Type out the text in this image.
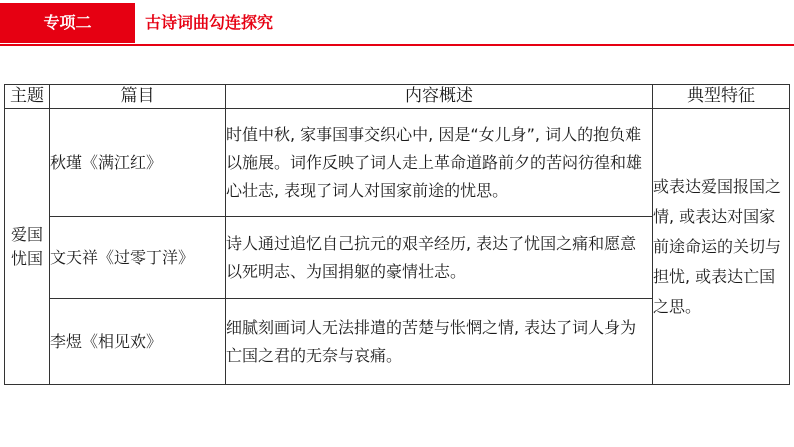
专项二	古诗词曲勾连探究
主题	篇目	内容概述	典型特征
爱国忧国	秋瑾《满江红》	时值中秋, 家事国事交织心中, 因是“女儿身”, 词人的抱负难以施展。词作反映了词人走上革命道路前夕的苦闷彷徨和雄心壮志, 表现了词人对国家前途的忧思。	或表达爱国报国之情, 或表达对国家前途命运的关切与担忧, 或表达亡国之思。
	文天祥《过零丁洋》	诗人通过追忆自己抗元的艰辛经历, 表达了忧国之痛和愿意以死明志、为国捐躯的豪情壮志。	
	李煜《相见欢》	细腻刻画词人无法排遣的苦楚与怅惘之情, 表达了词人身为亡国之君的无奈与哀痛。	
